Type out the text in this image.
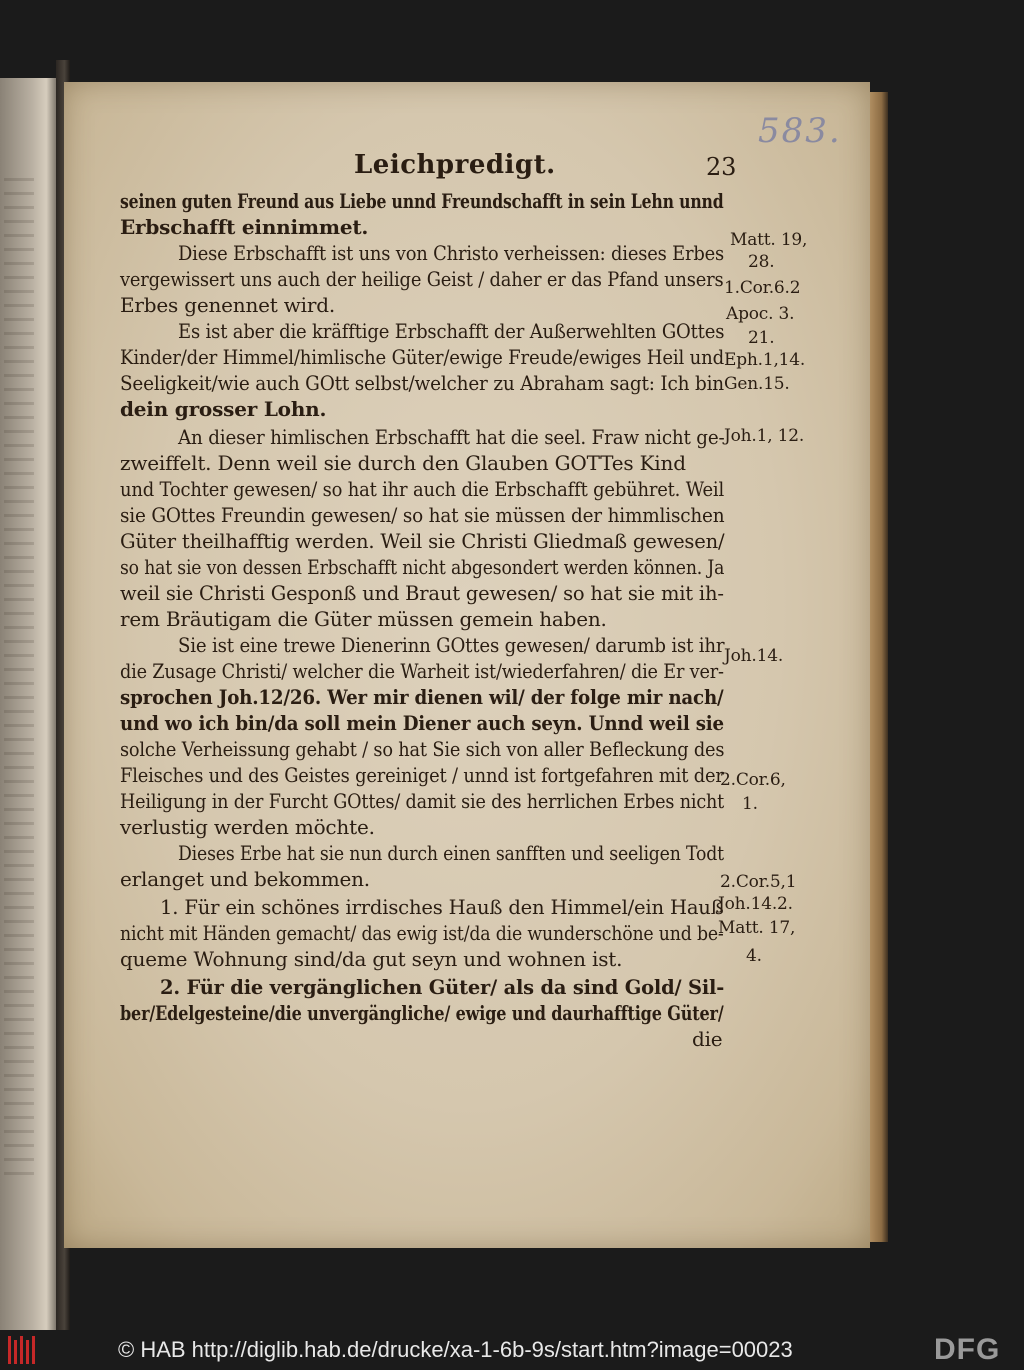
Leichpredigt.	23
583.
seinen guten Freund aus Liebe unnd Freundschafft in sein Lehn unnd
Erbschafft einnimmet.
Diese Erbschafft ist uns von Christo verheissen: dieses Erbes
vergewissert uns auch der heilige Geist / daher er das Pfand unsers
Erbes genennet wird.
Es ist aber die kräfftige Erbschafft der Außerwehlten GOttes
Kinder/der Himmel/himlische Güter/ewige Freude/ewiges Heil und
Seeligkeit/wie auch GOtt selbst/welcher zu Abraham sagt: Ich bin
dein grosser Lohn.
An dieser himlischen Erbschafft hat die seel. Fraw nicht ge-
zweiffelt. Denn weil sie durch den Glauben GOTTes Kind
und Tochter gewesen/ so hat ihr auch die Erbschafft gebühret. Weil
sie GOttes Freundin gewesen/ so hat sie müssen der himmlischen
Güter theilhafftig werden. Weil sie Christi Gliedmaß gewesen/
so hat sie von dessen Erbschafft nicht abgesondert werden können. Ja
weil sie Christi Gesponß und Braut gewesen/ so hat sie mit ih-
rem Bräutigam die Güter müssen gemein haben.
Sie ist eine trewe Dienerinn GOttes gewesen/ darumb ist ihr
die Zusage Christi/ welcher die Warheit ist/wiederfahren/ die Er ver-
sprochen Joh.12/26. Wer mir dienen wil/ der folge mir nach/
und wo ich bin/da soll mein Diener auch seyn. Unnd weil sie
solche Verheissung gehabt / so hat Sie sich von aller Befleckung des
Fleisches und des Geistes gereiniget / unnd ist fortgefahren mit der
Heiligung in der Furcht GOttes/ damit sie des herrlichen Erbes nicht
verlustig werden möchte.
Dieses Erbe hat sie nun durch einen sanfften und seeligen Todt
erlanget und bekommen.
1. Für ein schönes irrdisches Hauß den Himmel/ein Hauß
nicht mit Händen gemacht/ das ewig ist/da die wunderschöne und be-
queme Wohnung sind/da gut seyn und wohnen ist.
2. Für die vergänglichen Güter/ als da sind Gold/ Sil-
ber/Edelgesteine/die unvergängliche/ ewige und daurhafftige Güter/
die
Matt. 19,
28.
1.Cor.6.2
Apoc. 3.
21.
Eph.1,14.
Gen.15.
Joh.1, 12.
Joh.14.
2.Cor.6,
1.
2.Cor.5,1
Joh.14.2.
Matt. 17,
4.
© HAB http://diglib.hab.de/drucke/xa-1-6b-9s/start.htm?image=00023	DFG
